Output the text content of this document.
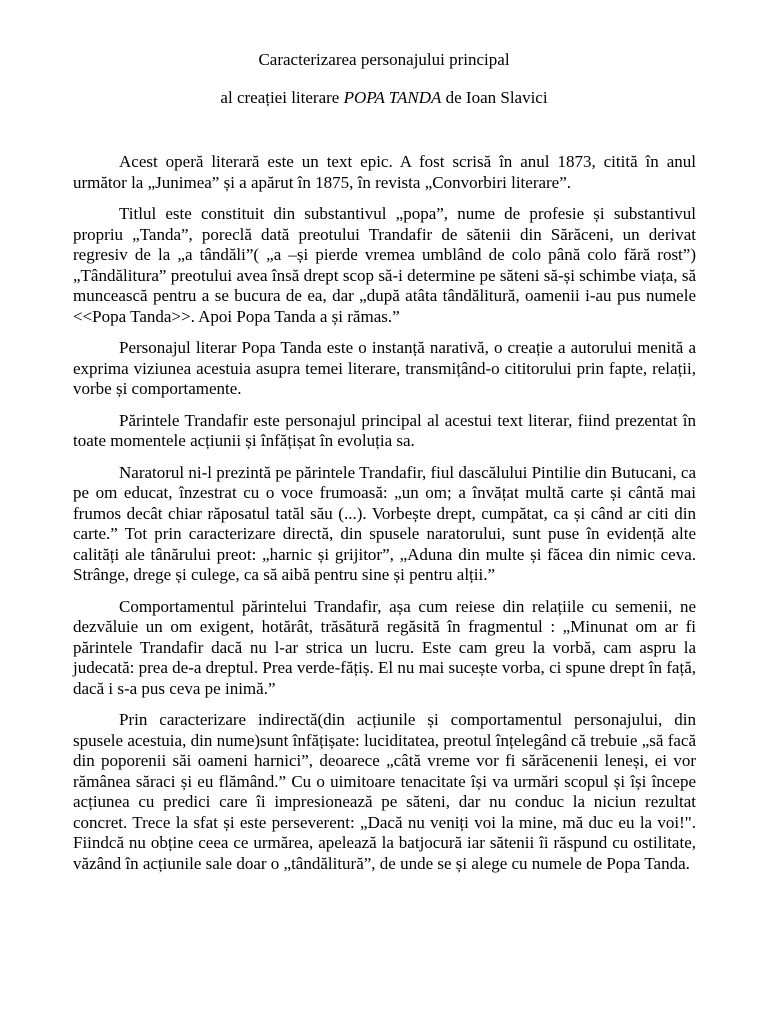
Caracterizarea personajului principal
al creației literare POPA TANDA de Ioan Slavici

Acest operă literară este un text epic. A fost scrisă în anul 1873, citită în anul următor la „Junimea” și a apărut în 1875, în revista „Convorbiri literare”.

Titlul este constituit din substantivul „popa”, nume de profesie și substantivul propriu „Tanda”, poreclă dată preotului Trandafir de sătenii din Sărăceni, un derivat regresiv de la „a tândăli”( „a –și pierde vremea umblând de colo până colo fără rost”) „Tândălitura” preotului avea însă drept scop să-i determine pe săteni să-și schimbe viața, să muncească pentru a se bucura de ea, dar „după atâta tândălitură, oamenii i-au pus numele <<Popa Tanda>>. Apoi Popa Tanda a și rămas.”

Personajul literar Popa Tanda este o instanță narativă, o creație a autorului menită a exprima viziunea acestuia asupra temei literare, transmițând-o cititorului prin fapte, relații, vorbe și comportamente.

Părintele Trandafir este personajul principal al acestui text literar, fiind prezentat în toate momentele acțiunii și înfățișat în evoluția sa.

Naratorul ni-l prezintă pe părintele Trandafir, fiul dascălului Pintilie din Butucani, ca pe om educat, înzestrat cu o voce frumoasă: „un om; a învățat multă carte și cântă mai frumos decât chiar răposatul tatăl său (...). Vorbește drept, cumpătat, ca și când ar citi din carte.” Tot prin caracterizare directă, din spusele naratorului, sunt puse în evidență alte calități ale tânărului preot: „harnic și grijitor”, „Aduna din multe și făcea din nimic ceva. Strânge, drege și culege, ca să aibă pentru sine și pentru alții.”

Comportamentul părintelui Trandafir, așa cum reiese din relațiile cu semenii, ne dezvăluie un om exigent, hotărât, trăsătură regăsită în fragmentul : „Minunat om ar fi părintele Trandafir dacă nu l-ar strica un lucru. Este cam greu la vorbă, cam aspru la judecată: prea de-a dreptul. Prea verde-fățiș. El nu mai sucește vorba, ci spune drept în față, dacă i s-a pus ceva pe inimă.”

Prin caracterizare indirectă(din acțiunile și comportamentul personajului, din spusele acestuia, din nume)sunt înfățișate: luciditatea, preotul înțelegând că trebuie „să facă din poporenii săi oameni harnici”, deoarece „câtă vreme vor fi sărăcenenii leneși, ei vor rămânea săraci și eu flămând.” Cu o uimitoare tenacitate își va urmări scopul și își începe acțiunea cu predici care îi impresionează pe săteni, dar nu conduc la niciun rezultat concret. Trece la sfat și este perseverent: „Dacă nu veniți voi la mine, mă duc eu la voi!". Fiindcă nu obține ceea ce urmărea, apelează la batjocură iar sătenii îi răspund cu ostilitate, văzând în acțiunile sale doar o „tândălitură”, de unde se și alege cu numele de Popa Tanda.
